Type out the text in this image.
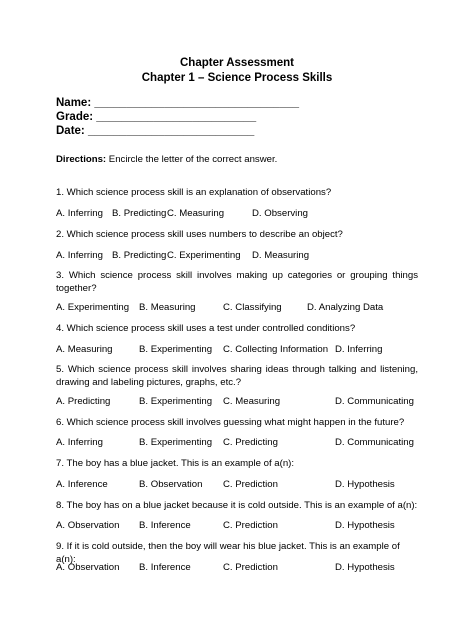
Chapter Assessment
Chapter 1 – Science Process Skills
Name: ________________________________
Grade: _________________________
Date: __________________________
Directions: Encircle the letter of the correct answer.
1. Which science process skill is an explanation of observations?
A. Inferring B. Predicting C. Measuring	D. Observing
2. Which science process skill uses numbers to describe an object?
A. Inferring B. Predicting C. Experimenting D. Measuring
3. Which science process skill involves making up categories or grouping things together?
A. Experimenting B. Measuring	C. Classifying	D. Analyzing Data
4. Which science process skill uses a test under controlled conditions?
A. Measuring	B. Experimenting C. Collecting Information D. Inferring
5. Which science process skill involves sharing ideas through talking and listening, drawing and labeling pictures, graphs, etc.?
A. Predicting	B. Experimenting C. Measuring	D. Communicating
6. Which science process skill involves guessing what might happen in the future?
A. Inferring	B. Experimenting C. Predicting	D. Communicating
7. The boy has a blue jacket. This is an example of a(n):
A. Inference	B. Observation C. Prediction	D. Hypothesis
8. The boy has on a blue jacket because it is cold outside. This is an example of a(n):
A. Observation B. Inference	C. Prediction	D. Hypothesis
9. If it is cold outside, then the boy will wear his blue jacket. This is an example of a(n):
A. Observation B. Inference	C. Prediction	D. Hypothesis
